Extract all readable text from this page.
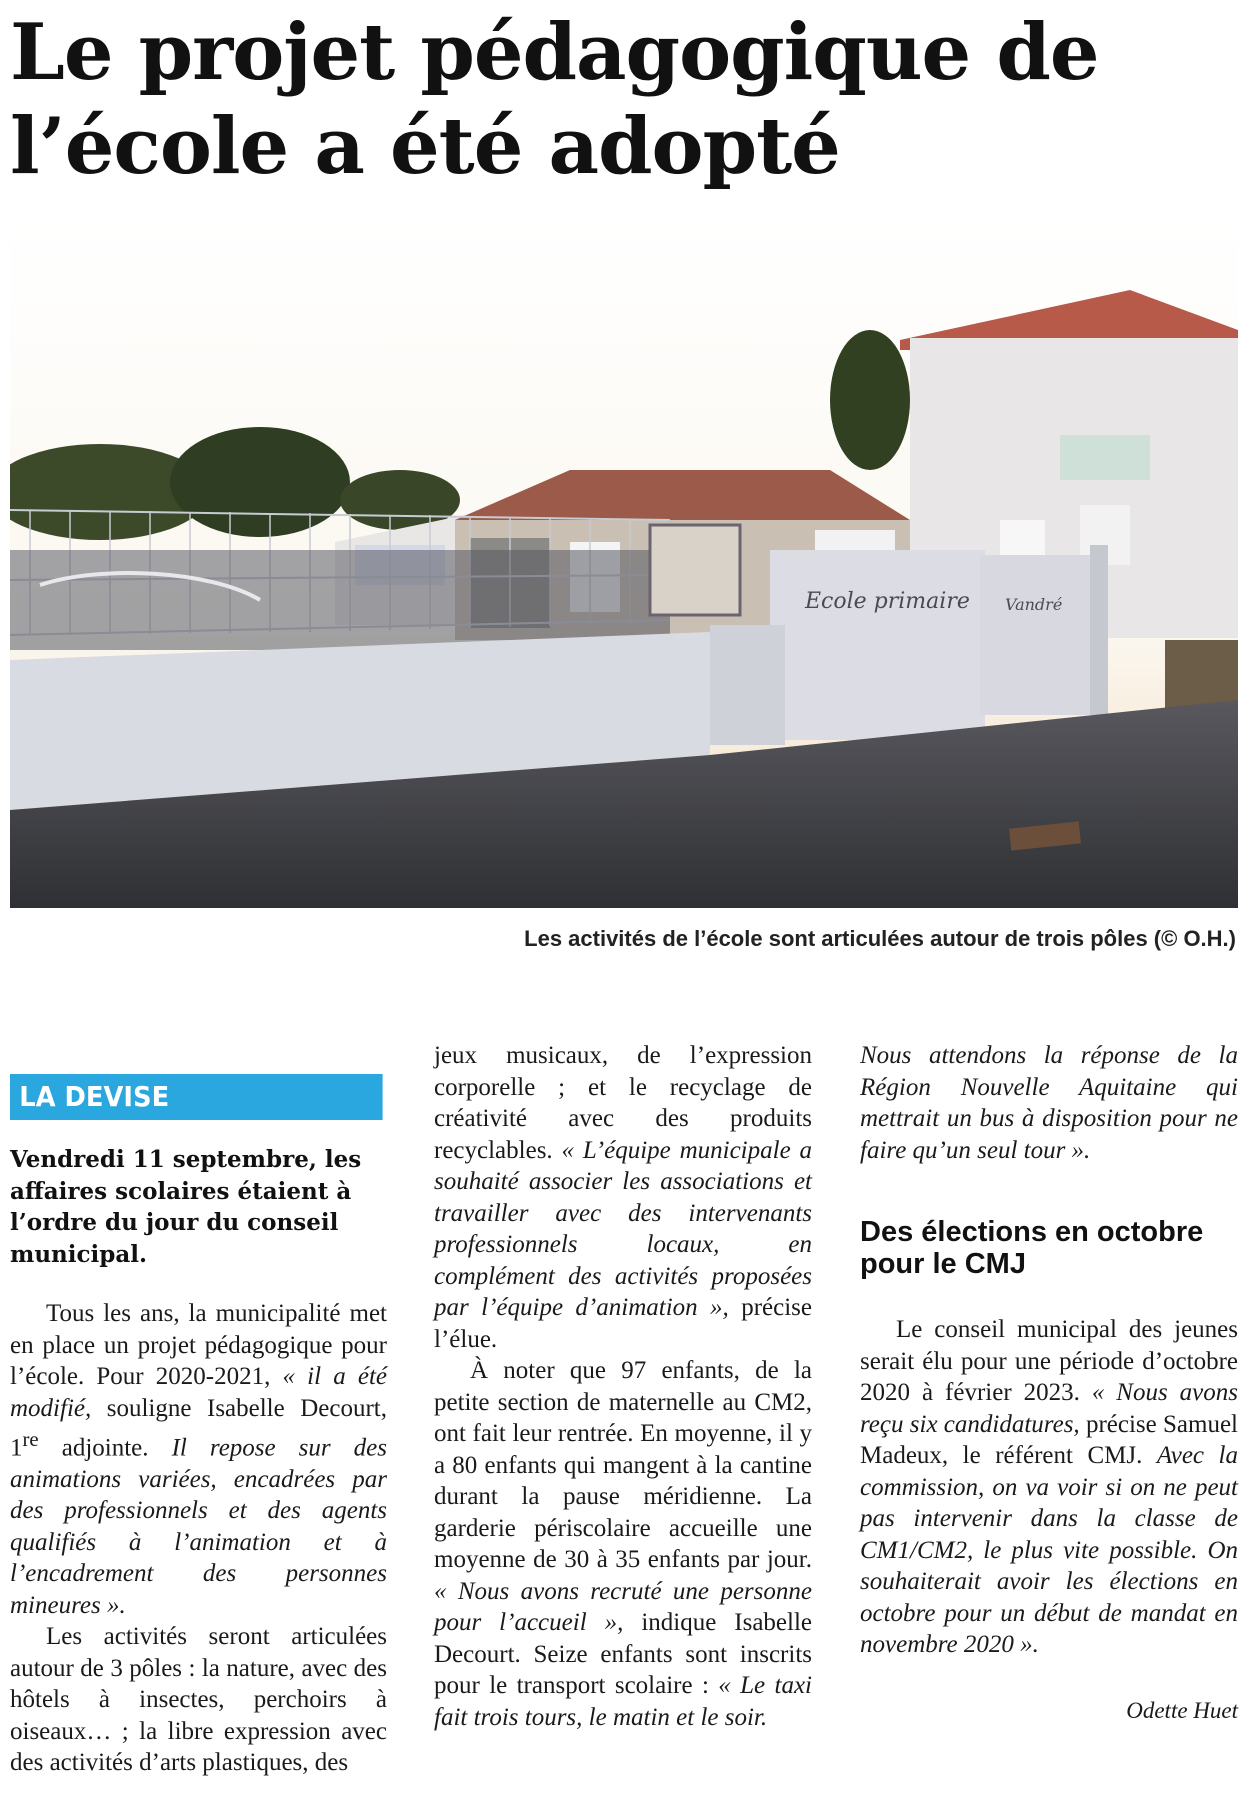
Le projet pédagogique de l’école a été adopté
Ecole primaire Vandré

Les activités de l’école sont articulées autour de trois pôles (© O.H.)

LA DEVISE

Vendredi 11 septembre, les affaires scolaires étaient à l’ordre du jour du conseil municipal.

Tous les ans, la municipalité met en place un projet pédagogique pour l’école. Pour 2020-2021, « il a été modifié, souligne Isabelle Decourt, 1re adjointe. Il repose sur des animations variées, encadrées par des professionnels et des agents qualifiés à l’animation et à l’encadrement des personnes mineures ».

Les activités seront articulées autour de 3 pôles : la nature, avec des hôtels à insectes, perchoirs à oiseaux… ; la libre expression avec des activités d’arts plastiques, des

jeux musicaux, de l’expression corporelle ; et le recyclage de créativité avec des produits recyclables. « L’équipe municipale a souhaité associer les associations et travailler avec des intervenants professionnels locaux, en complément des activités proposées par l’équipe d’animation », précise l’élue.

À noter que 97 enfants, de la petite section de maternelle au CM2, ont fait leur rentrée. En moyenne, il y a 80 enfants qui mangent à la cantine durant la pause méridienne. La garderie périscolaire accueille une moyenne de 30 à 35 enfants par jour. « Nous avons recruté une personne pour l’accueil », indique Isabelle Decourt. Seize enfants sont inscrits pour le transport scolaire : « Le taxi fait trois tours, le matin et le soir.

Nous attendons la réponse de la Région Nouvelle Aquitaine qui mettrait un bus à disposition pour ne faire qu’un seul tour ».

Des élections en octobre pour le CMJ

Le conseil municipal des jeunes serait élu pour une période d’octobre 2020 à février 2023. « Nous avons reçu six candidatures, précise Samuel Madeux, le référent CMJ. Avec la commission, on va voir si on ne peut pas intervenir dans la classe de CM1/CM2, le plus vite possible. On souhaiterait avoir les élections en octobre pour un début de mandat en novembre 2020 ».

Odette Huet
